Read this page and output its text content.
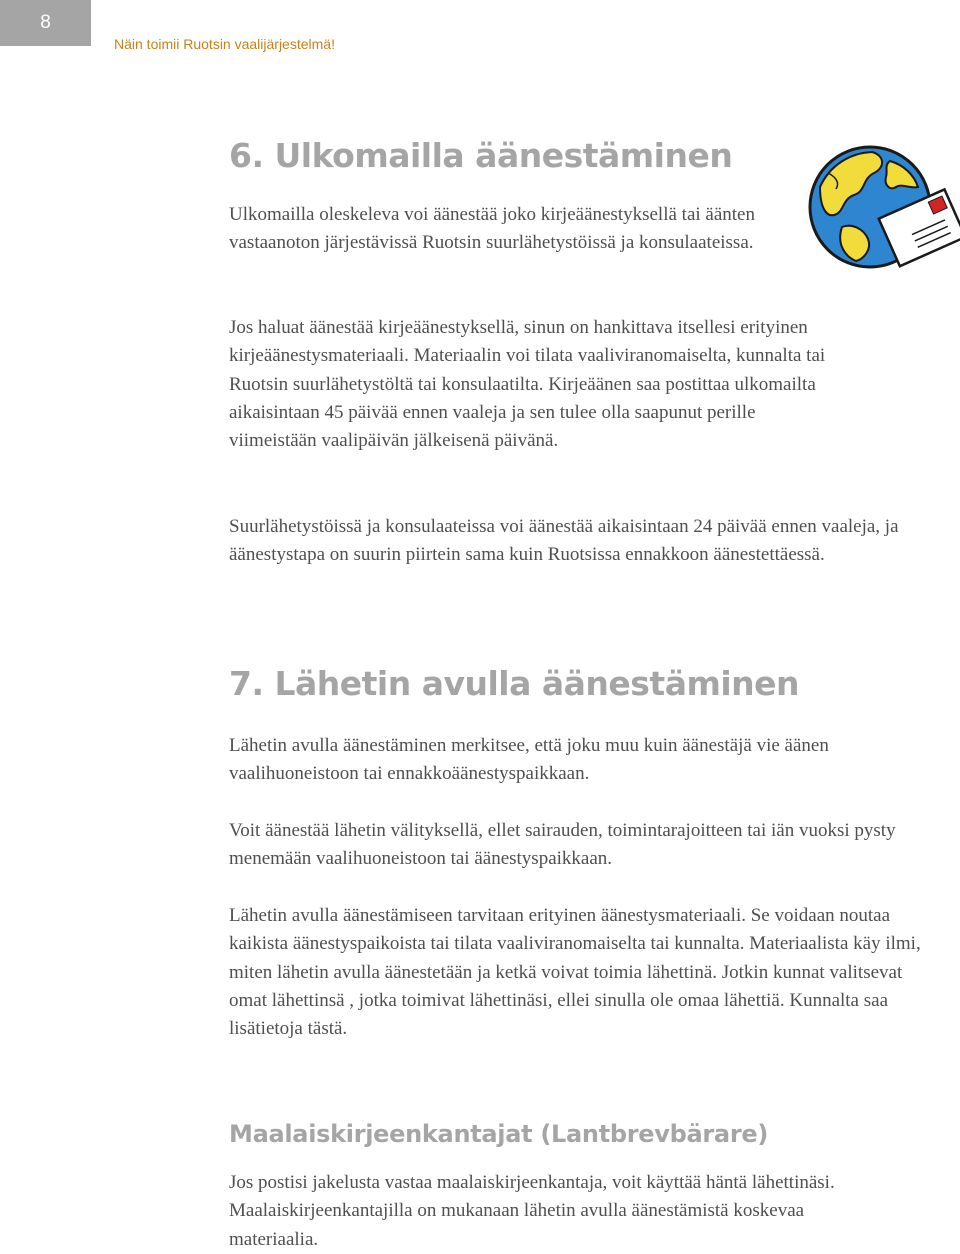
8
Näin toimii Ruotsin vaalijärjestelmä!
6. Ulkomailla äänestäminen

Ulkomailla oleskeleva voi äänestää joko kirjeäänestyksellä tai äänten vastaanoton järjestävissä Ruotsin suurlähetystöissä ja konsulaateissa.

Jos haluat äänestää kirjeäänestyksellä, sinun on hankittava itsellesi erityinen kirjeäänestysmateriaali. Materiaalin voi tilata vaaliviranomaiselta, kunnalta tai Ruotsin suurlähetystöltä tai konsulaatilta. Kirjeäänen saa postittaa ulkomailta aikaisintaan 45 päivää ennen vaaleja ja sen tulee olla saapunut perille viimeistään vaalipäivän jälkeisenä päivänä.

Suurlähetystöissä ja konsulaateissa voi äänestää aikaisintaan 24 päivää ennen vaaleja, ja äänestystapa on suurin piirtein sama kuin Ruotsissa ennakkoon äänestettäessä.

7. Lähetin avulla äänestäminen

Lähetin avulla äänestäminen merkitsee, että joku muu kuin äänestäjä vie äänen vaalihuoneistoon tai ennakkoäänestyspaikkaan.

Voit äänestää lähetin välityksellä, ellet sairauden, toimintarajoitteen tai iän vuoksi pysty menemään vaalihuoneistoon tai äänestyspaikkaan.

Lähetin avulla äänestämiseen tarvitaan erityinen äänestysmateriaali. Se voidaan noutaa kaikista äänestyspaikoista tai tilata vaaliviranomaiselta tai kunnalta. Materiaalista käy ilmi, miten lähetin avulla äänestetään ja ketkä voivat toimia lähettinä. Jotkin kunnat valitsevat omat lähettinsä , jotka toimivat lähettinäsi, ellei sinulla ole omaa lähettiä. Kunnalta saa lisätietoja tästä.

Maalaiskirjeenkantajat (Lantbrevbärare)

Jos postisi jakelusta vastaa maalaiskirjeenkantaja, voit käyttää häntä lähettinäsi. Maalaiskirjeenkantajilla on mukanaan lähetin avulla äänestämistä koskevaa materiaalia.
